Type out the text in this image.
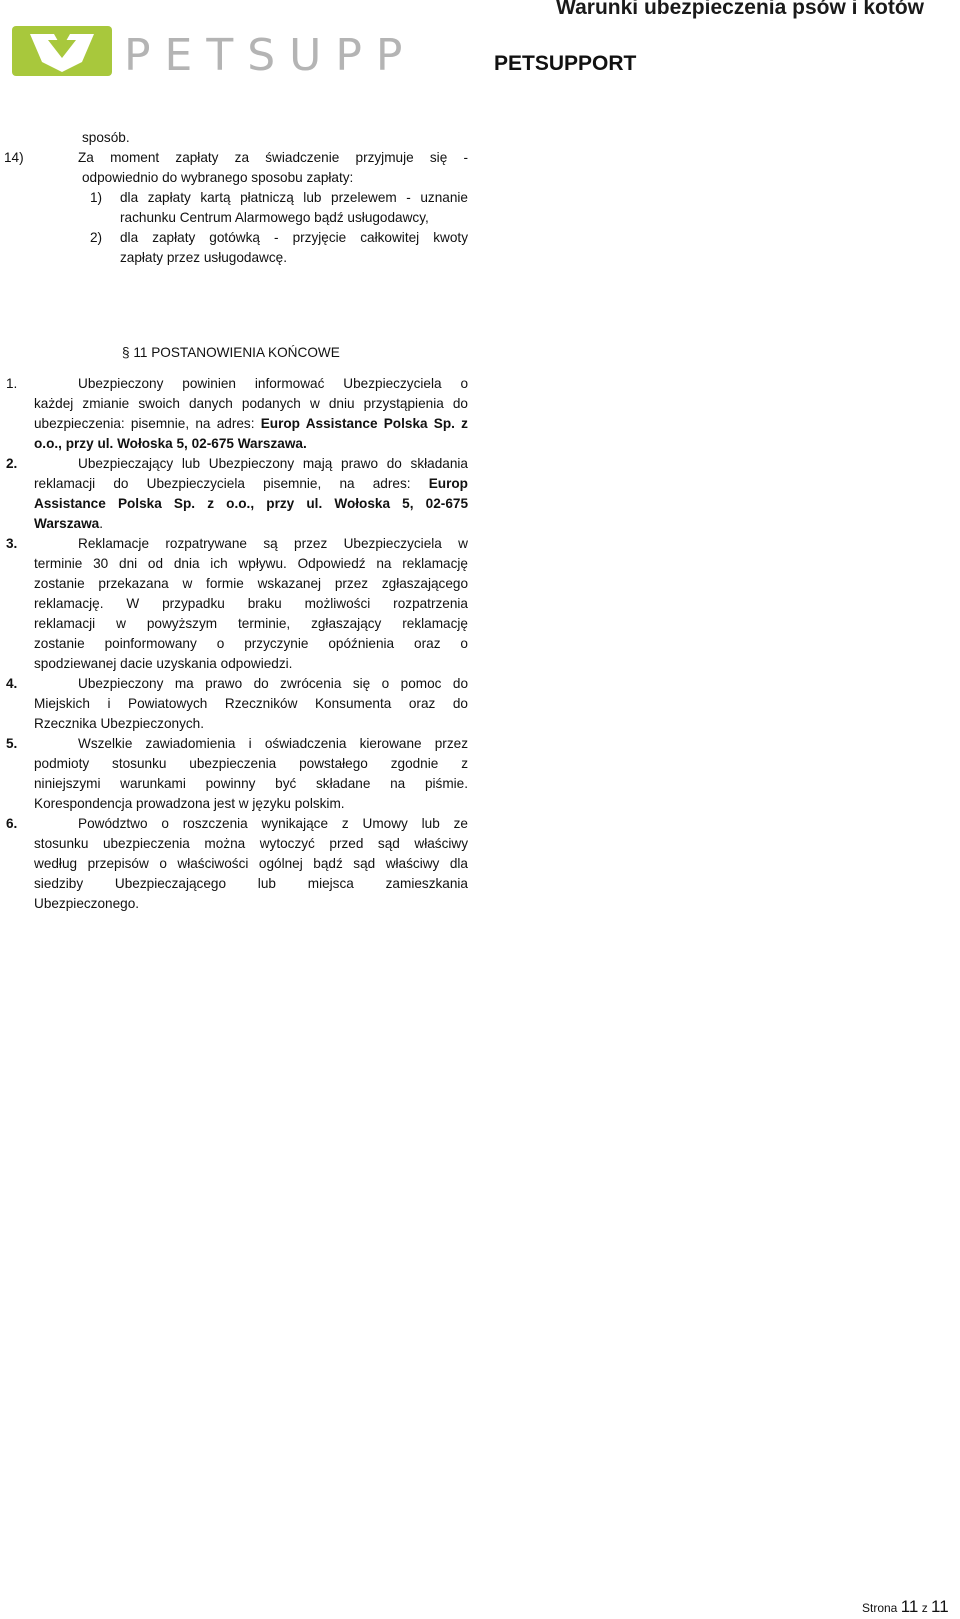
PETSUPP
Warunki ubezpieczenia psów i kotów
PETSUPPORT
sposób.
14)	Za moment zapłaty za świadczenie przyjmuje się -
odpowiednio do wybranego sposobu zapłaty:
1) dla zapłaty kartą płatniczą lub przelewem - uznanie
rachunku Centrum Alarmowego bądź usługodawcy,
2) dla zapłaty gotówką - przyjęcie całkowitej kwoty
zapłaty przez usługodawcę.
§ 11 POSTANOWIENIA KOŃCOWE
1.	Ubezpieczony powinien informować Ubezpieczyciela o
każdej zmianie swoich danych podanych w dniu przystąpienia do
ubezpieczenia: pisemnie, na adres: Europ Assistance Polska Sp. z
o.o., przy ul. Wołoska 5, 02-675 Warszawa.
2.	Ubezpieczający lub Ubezpieczony mają prawo do składania
reklamacji do Ubezpieczyciela pisemnie, na adres: Europ
Assistance Polska Sp. z o.o., przy ul. Wołoska 5, 02-675
Warszawa.
3.	Reklamacje rozpatrywane są przez Ubezpieczyciela w
terminie 30 dni od dnia ich wpływu. Odpowiedź na reklamację
zostanie przekazana w formie wskazanej przez zgłaszającego
reklamację. W przypadku braku możliwości rozpatrzenia
reklamacji w powyższym terminie, zgłaszający reklamację
zostanie poinformowany o przyczynie opóźnienia oraz o
spodziewanej dacie uzyskania odpowiedzi.
4.	Ubezpieczony ma prawo do zwrócenia się o pomoc do
Miejskich i Powiatowych Rzeczników Konsumenta oraz do
Rzecznika Ubezpieczonych.
5.	Wszelkie zawiadomienia i oświadczenia kierowane przez
podmioty stosunku ubezpieczenia powstałego zgodnie z
niniejszymi warunkami powinny być składane na piśmie.
Korespondencja prowadzona jest w języku polskim.
6.	Powództwo o roszczenia wynikające z Umowy lub ze
stosunku ubezpieczenia można wytoczyć przed sąd właściwy
według przepisów o właściwości ogólnej bądź sąd właściwy dla
siedziby Ubezpieczającego lub miejsca zamieszkania
Ubezpieczonego.
Strona 11 z 11
